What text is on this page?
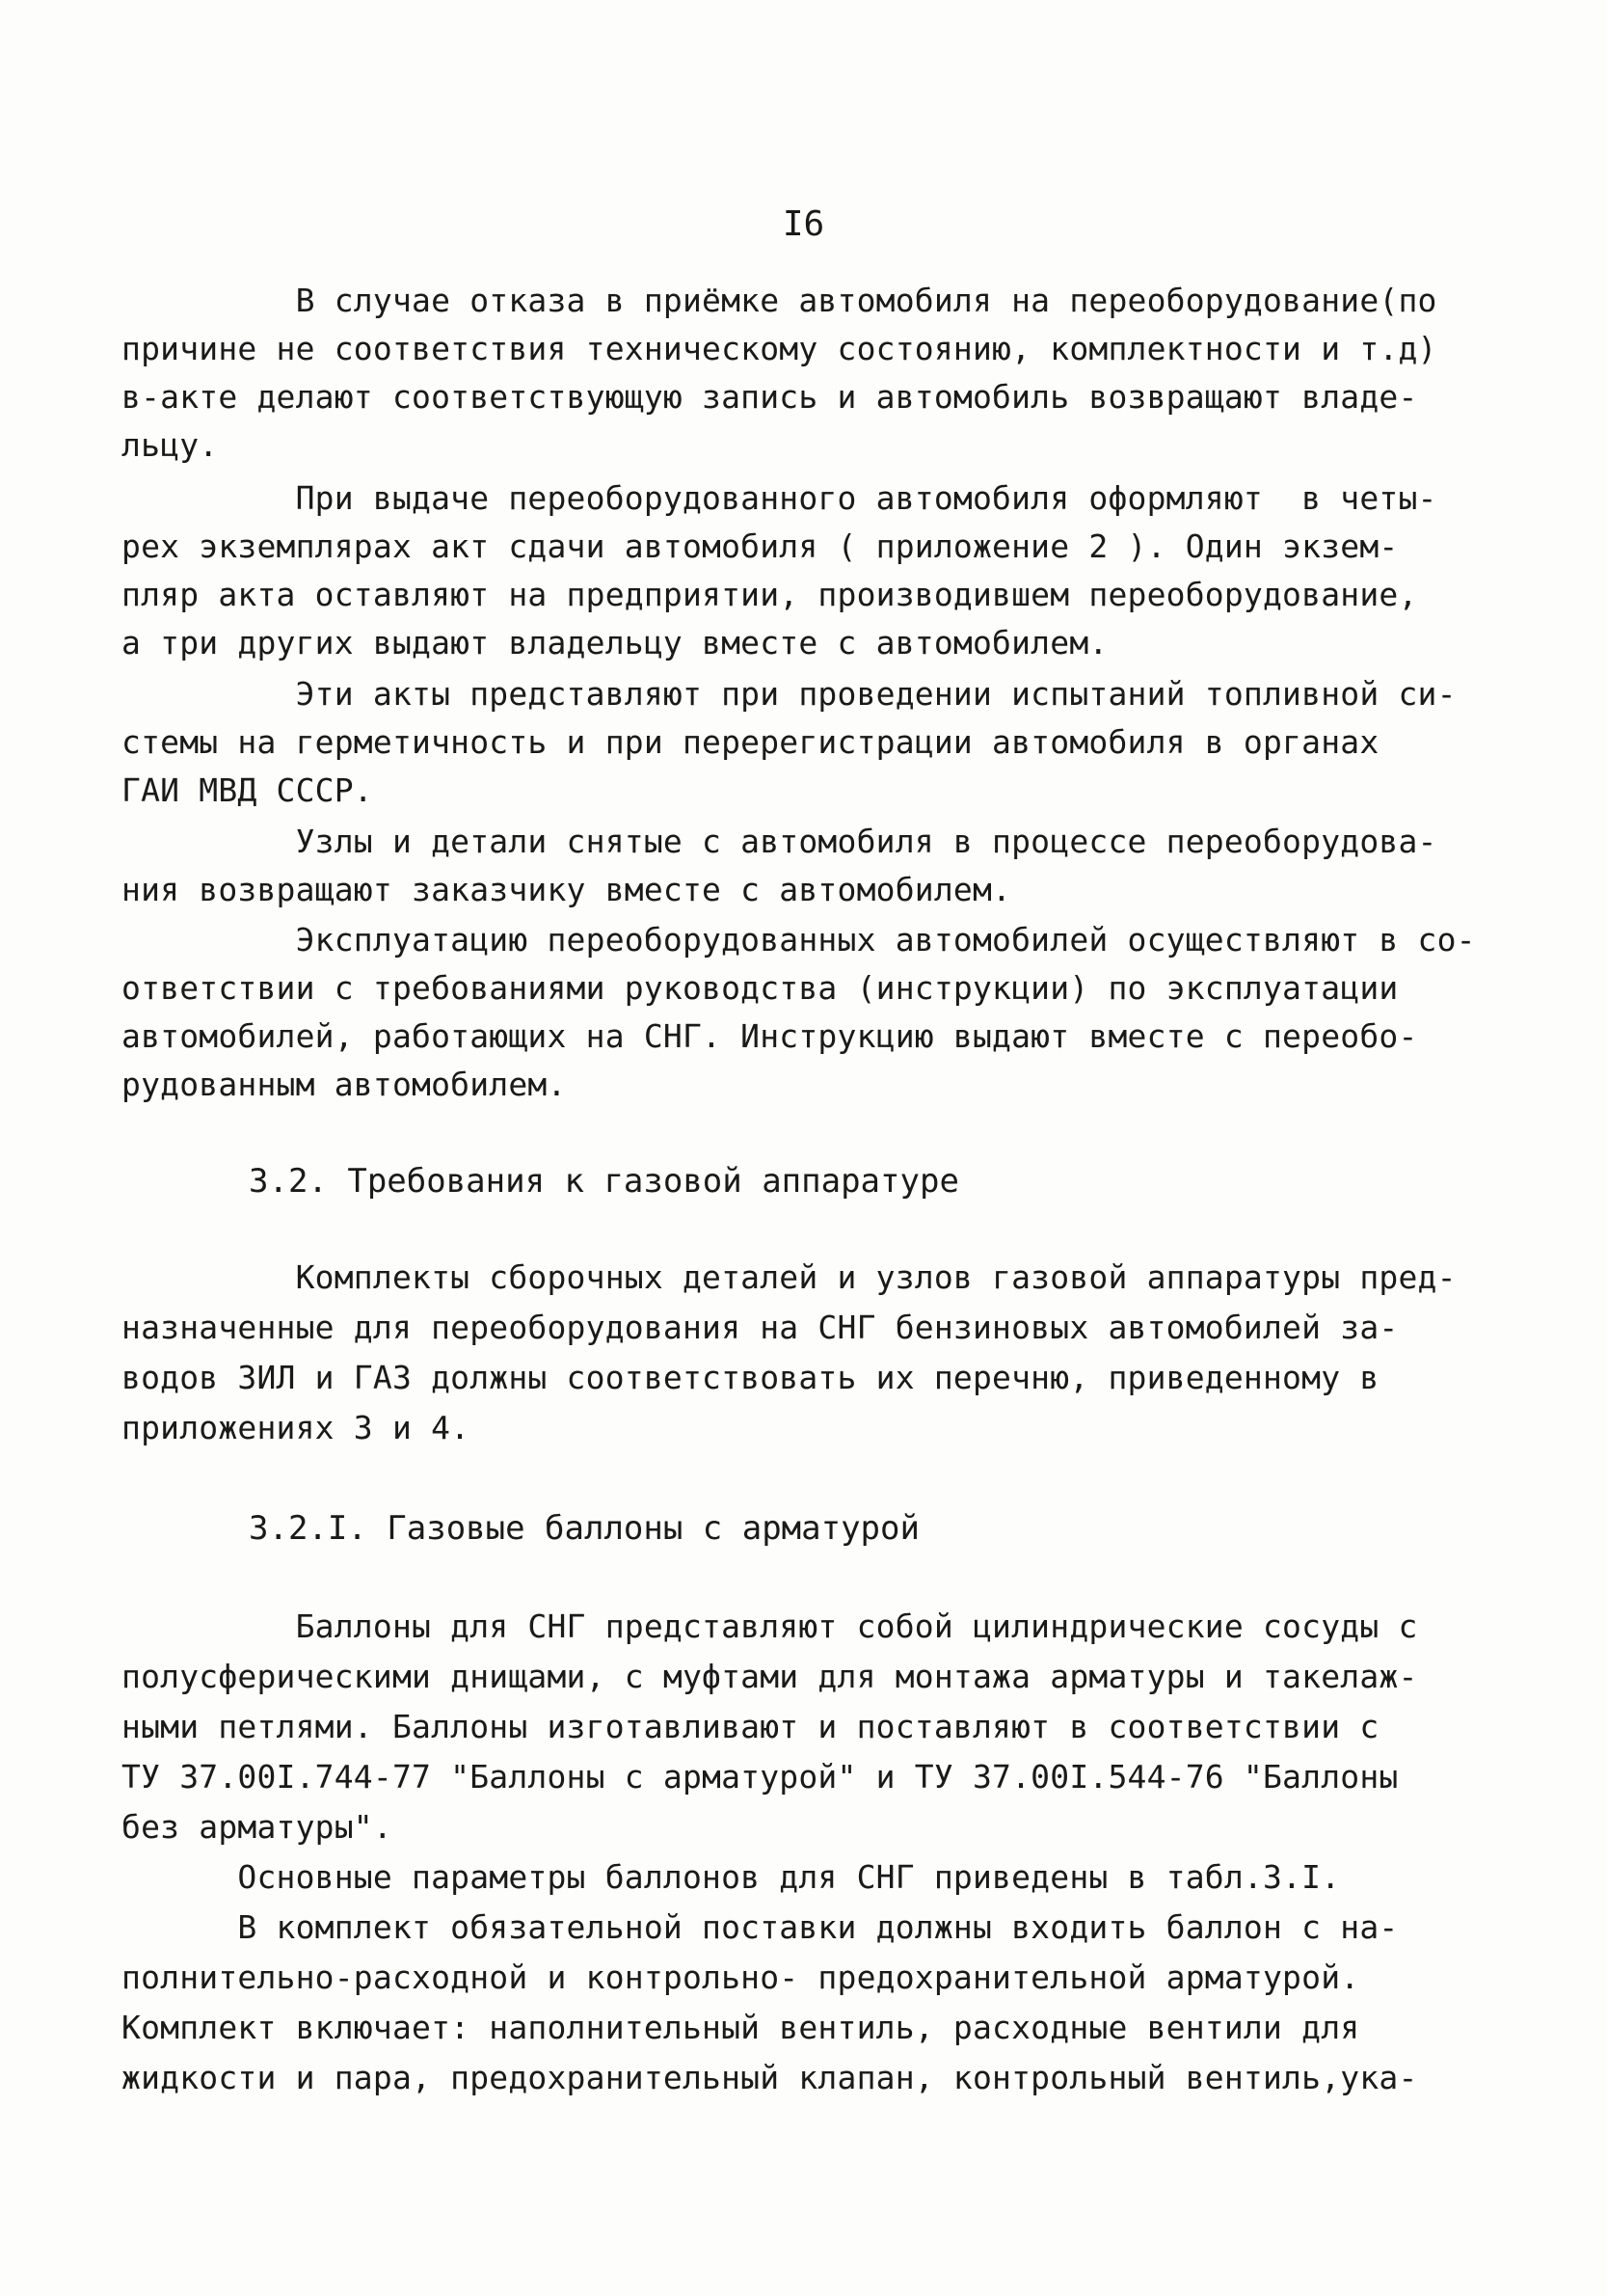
I6
В случае отказа в приёмке автомобиля на переоборудование(по
причине не соответствия техническому состоянию, комплектности и т.д)
в-акте делают соответствующую запись и автомобиль возвращают владе-
льцу.
При выдаче переоборудованного автомобиля оформляют  в четы-
рех экземплярах акт сдачи автомобиля ( приложение 2 ). Один экзем-
пляр акта оставляют на предприятии, производившем переоборудование,
а три других выдают владельцу вместе с автомобилем.
Эти акты представляют при проведении испытаний топливной си-
стемы на герметичность и при перерегистрации автомобиля в органах
ГАИ МВД СССР.
Узлы и детали снятые с автомобиля в процессе переоборудова-
ния возвращают заказчику вместе с автомобилем.
Эксплуатацию переоборудованных автомобилей осуществляют в со-
ответствии с требованиями руководства (инструкции) по эксплуатации
автомобилей, работающих на СНГ. Инструкцию выдают вместе с переобо-
рудованным автомобилем.
3.2. Требования к газовой аппаратуре
Комплекты сборочных деталей и узлов газовой аппаратуры пред-
назначенные для переоборудования на СНГ бензиновых автомобилей за-
водов ЗИЛ и ГАЗ должны соответствовать их перечню, приведенному в
приложениях 3 и 4.
3.2.I. Газовые баллоны с арматурой
Баллоны для СНГ представляют собой цилиндрические сосуды с
полусферическими днищами, с муфтами для монтажа арматуры и такелаж-
ными петлями. Баллоны изготавливают и поставляют в соответствии с
ТУ 37.00I.744-77 "Баллоны с арматурой" и ТУ 37.00I.544-76 "Баллоны
без арматуры".
Основные параметры баллонов для СНГ приведены в табл.3.I.
В комплект обязательной поставки должны входить баллон с на-
полнительно-расходной и контрольно- предохранительной арматурой.
Комплект включает: наполнительный вентиль, расходные вентили для
жидкости и пара, предохранительный клапан, контрольный вентиль,ука-
